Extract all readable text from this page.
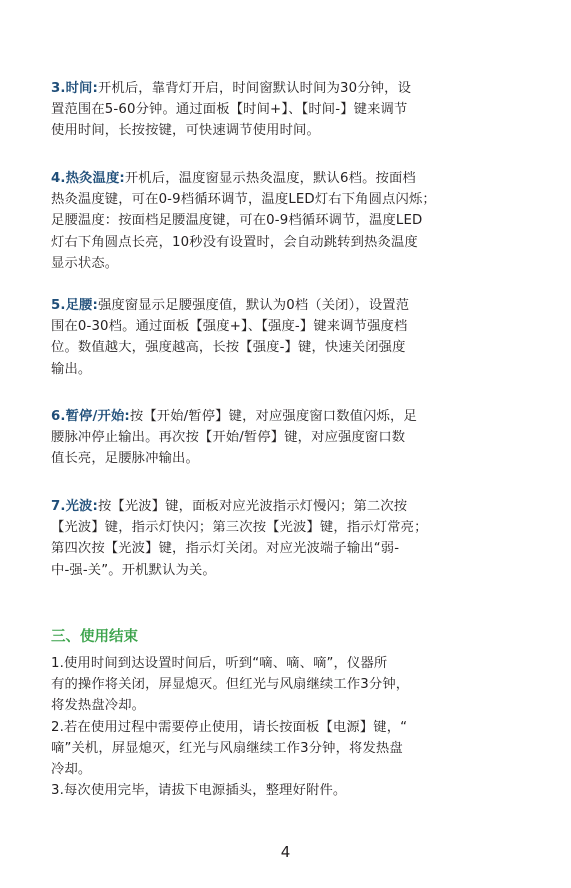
3.时间:开机后，靠背灯开启，时间窗默认时间为30分钟，设

置范围在5-60分钟。通过面板【时间+】、【时间-】键来调节

使用时间，长按按键，可快速调节使用时间。

4.热灸温度:开机后，温度窗显示热灸温度，默认6档。按面档

热灸温度键，可在0-9档循环调节，温度LED灯右下角圆点闪烁；

足腰温度：按面档足腰温度键，可在0-9档循环调节，温度LED

灯右下角圆点长亮，10秒没有设置时，会自动跳转到热灸温度

显示状态。

5.足腰:强度窗显示足腰强度值，默认为0档（关闭），设置范

围在0-30档。通过面板【强度+】、【强度-】键来调节强度档

位。数值越大，强度越高，长按【强度-】键，快速关闭强度

输出。

6.暂停/开始:按【开始/暂停】键，对应强度窗口数值闪烁，足

腰脉冲停止输出。再次按【开始/暂停】键，对应强度窗口数

值长亮，足腰脉冲输出。

7.光波:按【光波】键，面板对应光波指示灯慢闪；第二次按

【光波】键，指示灯快闪；第三次按【光波】键，指示灯常亮；

第四次按【光波】键，指示灯关闭。对应光波端子输出“弱-

中-强-关”。开机默认为关。

三、使用结束

1.使用时间到达设置时间后，听到“嘀、嘀、嘀”，仪器所

有的操作将关闭，屏显熄灭。但红光与风扇继续工作3分钟，

将发热盘冷却。

2.若在使用过程中需要停止使用，请长按面板【电源】键，“

嘀”关机，屏显熄灭，红光与风扇继续工作3分钟，将发热盘

冷却。

3.每次使用完毕，请拔下电源插头，整理好附件。

4
